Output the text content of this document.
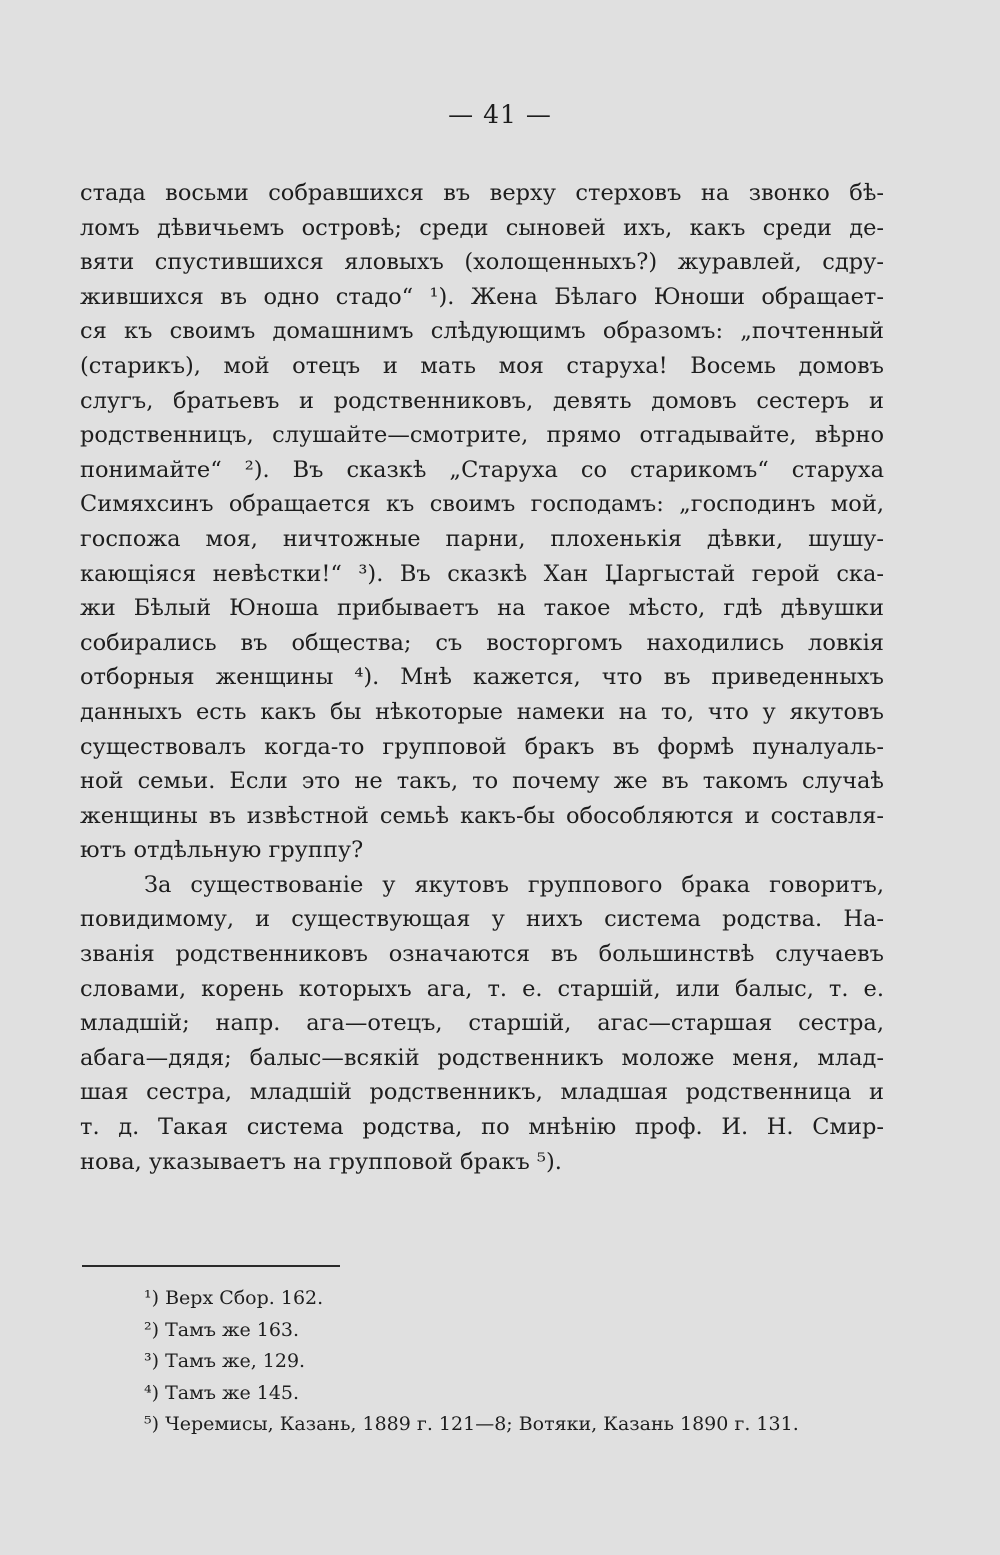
— 41 —
стада восьми собравшихся въ верху стерховъ на звонко бѣ-
ломъ дѣвичьемъ островѣ; среди сыновей ихъ, какъ среди де-
вяти спустившихся яловыхъ (холощенныхъ?) журавлей, сдру-
жившихся въ одно стадо“ ¹). Жена Бѣлаго Юноши обращает-
ся къ своимъ домашнимъ слѣдующимъ образомъ: „почтенный
(старикъ), мой отецъ и мать моя старуха! Восемь домовъ
слугъ, братьевъ и родственниковъ, девять домовъ сестеръ и
родственницъ, слушайте—смотрите, прямо отгадывайте, вѣрно
понимайте“ ²). Въ сказкѣ „Старуха со старикомъ“ старуха
Симяхсинъ обращается къ своимъ господамъ: „господинъ мой,
госпожа моя, ничтожные парни, плохенькія дѣвки, шушу-
кающіяся невѣстки!“ ³). Въ сказкѣ Хан Џаргыстай герой ска-
жи Бѣлый Юноша прибываетъ на такое мѣсто, гдѣ дѣвушки
собирались въ общества; съ восторгомъ находились ловкія
отборныя женщины ⁴). Мнѣ кажется, что въ приведенныхъ
данныхъ есть какъ бы нѣкоторые намеки на то, что у якутовъ
существовалъ когда-то групповой бракъ въ формѣ пуналуаль-
ной семьи. Если это не такъ, то почему же въ такомъ случаѣ
женщины въ извѣстной семьѣ какъ-бы обособляются и составля-
ютъ отдѣльную группу?
За существованіе у якутовъ группового брака говоритъ,
повидимому, и существующая у нихъ система родства. На-
званія родственниковъ означаются въ большинствѣ случаевъ
словами, корень которыхъ ага, т. е. старшій, или балыс, т. е.
младшій; напр. ага—отецъ, старшій, агас—старшая сестра,
абага—дядя; балыс—всякій родственникъ моложе меня, млад-
шая сестра, младшій родственникъ, младшая родственница и
т. д. Такая система родства, по мнѣнію проф. И. Н. Смир-
нова, указываетъ на групповой бракъ ⁵).
¹) Верх Сбор. 162.
²) Тамъ же 163.
³) Тамъ же, 129.
⁴) Тамъ же 145.
⁵) Черемисы, Казань, 1889 г. 121—8; Вотяки, Казань 1890 г. 131.
